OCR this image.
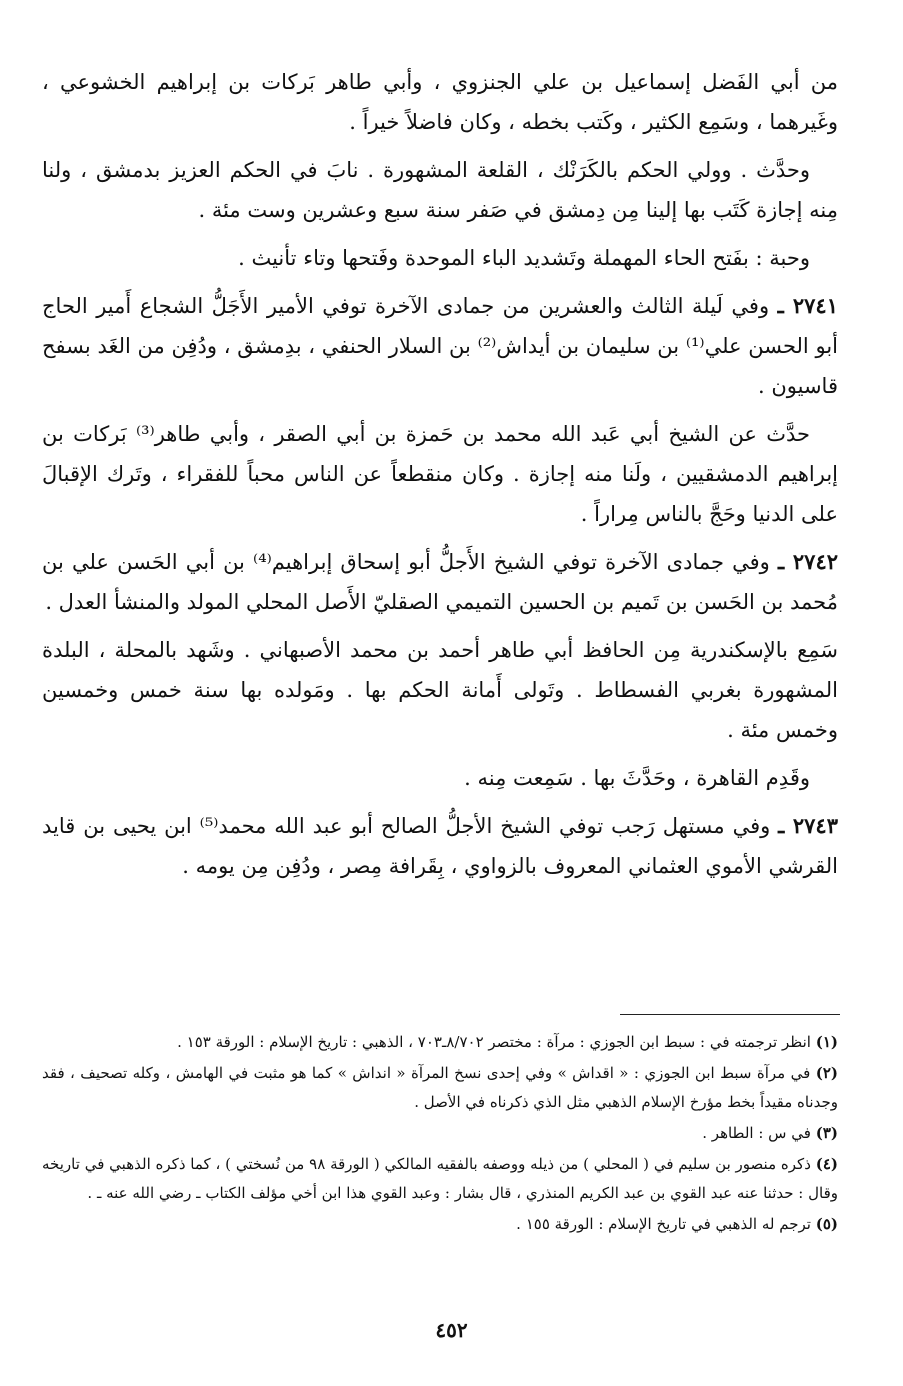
من أبي الفَضل إسماعيل بن علي الجنزوي ، وأبي طاهر بَركات بن إبراهيم الخشوعي ، وغَيرهما ، وسَمِع الكثير ، وكَتب بخطه ، وكان فاضلاً خيراً .

وحدَّث . وولي الحكم بالكَرَنْك ، القلعة المشهورة . نابَ في الحكم العزيز بدمشق ، ولنا مِنه إجازة كَتَب بها إلينا مِن دِمشق في صَفر سنة سبع وعشرين وست مئة .

وحبة : بفَتح الحاء المهملة وتَشديد الباء الموحدة وفَتحها وتاء تأنيث .

٢٧٤١ ـ وفي لَيلة الثالث والعشرين من جمادى الآخرة توفي الأمير الأَجَلُّ الشجاع أَمير الحاج أبو الحسن علي⁽¹⁾ بن سليمان بن أيداش⁽²⁾ بن السلار الحنفي ، بدِمشق ، ودُفِن من الغَد بسفح قاسيون .

حدَّث عن الشيخ أبي عَبد الله محمد بن حَمزة بن أبي الصقر ، وأبي طاهر⁽³⁾ بَركات بن إبراهيم الدمشقيين ، ولَنا منه إجازة . وكان منقطعاً عن الناس محباً للفقراء ، وتَرك الإقبالَ على الدنيا وحَجَّ بالناس مِراراً .

٢٧٤٢ ـ وفي جمادى الآخرة توفي الشيخ الأَجلُّ أبو إسحاق إبراهيم⁽⁴⁾ بن أبي الحَسن علي بن مُحمد بن الحَسن بن تَميم بن الحسين التميمي الصقليّ الأَصل المحلي المولد والمنشأ العدل .

سَمِع بالإسكندرية مِن الحافظ أبي طاهر أحمد بن محمد الأصبهاني . وشَهد بالمحلة ، البلدة المشهورة بغربي الفسطاط . وتَولى أَمانة الحكم بها . ومَولده بها سنة خمس وخمسين وخمس مئة .

وقَدِم القاهرة ، وحَدَّثَ بها . سَمِعت مِنه .

٢٧٤٣ ـ وفي مستهل رَجب توفي الشيخ الأجلُّ الصالح أبو عبد الله محمد⁽⁵⁾ ابن يحيى بن قايد القرشي الأموي العثماني المعروف بالزواوي ، بِقَرافة مِصر ، ودُفِن مِن يومه .

(١) انظر ترجمته في : سبط ابن الجوزي : مرآة : مختصر ٨/٧٠٢ـ٧٠٣ ، الذهبي : تاريخ الإسلام : الورقة ١٥٣ .

(٢) في مرآة سبط ابن الجوزي : « اقداش » وفي إحدى نسخ المرآة « انداش » كما هو مثبت في الهامش ، وكله تصحيف ، فقد وجدناه مقيداً بخط مؤرخ الإسلام الذهبي مثل الذي ذكرناه في الأصل .

(٣) في س : الطاهر .

(٤) ذكره منصور بن سليم في ( المحلي ) من ذيله ووصفه بالفقيه المالكي ( الورقة ٩٨ من نُسختي ) ، كما ذكره الذهبي في تاريخه وقال : حدثنا عنه عبد القوي بن عبد الكريم المنذري ، قال بشار : وعبد القوي هذا ابن أخي مؤلف الكتاب ـ رضي الله عنه ـ .

(٥) ترجم له الذهبي في تاريخ الإسلام : الورقة ١٥٥ .

٤٥٢
